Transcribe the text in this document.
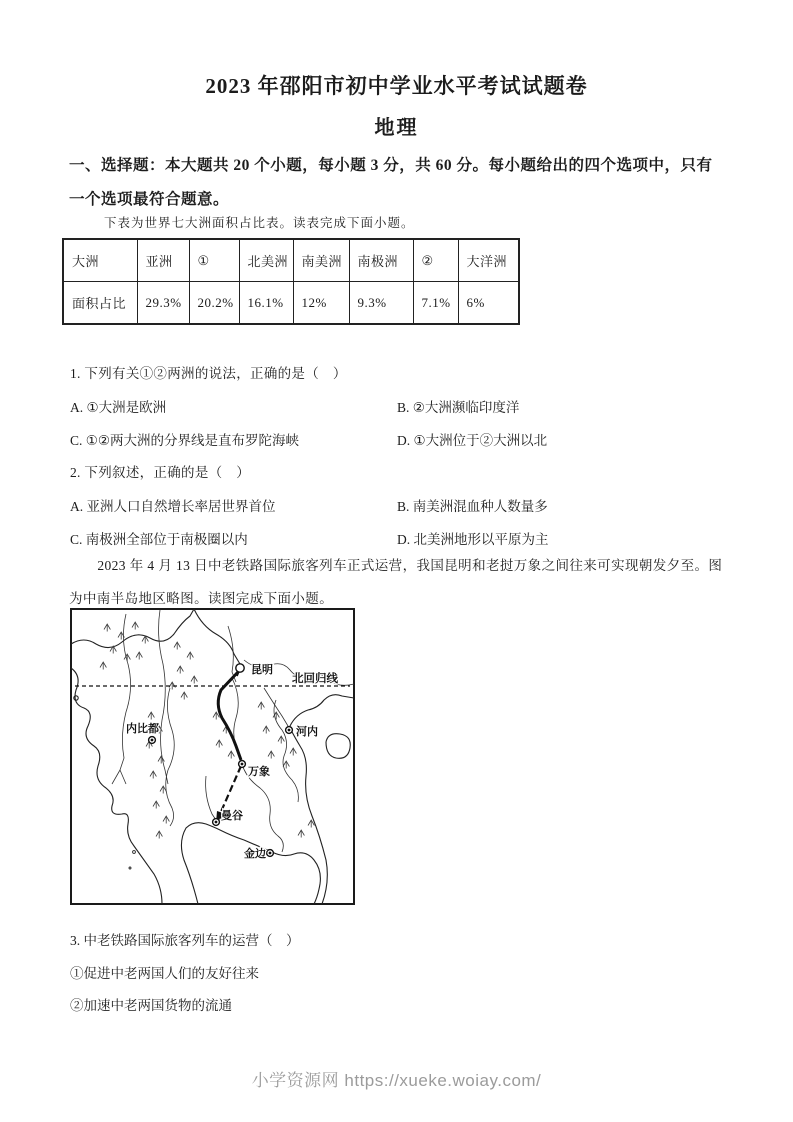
2023 年邵阳市初中学业水平考试试题卷
地理
一、选择题：本大题共 20 个小题，每小题 3 分，共 60 分。每小题给出的四个选项中，只有一个选项最符合题意。
下表为世界七大洲面积占比表。读表完成下面小题。
大洲	亚洲	①	北美洲	南美洲	南极洲	②	大洋洲
面积占比	29.3%	20.2%	16.1%	12%	9.3%	7.1%	6%
1. 下列有关①②两洲的说法，正确的是（　）
A. ①大洲是欧洲	B. ②大洲濒临印度洋
C. ①②两大洲的分界线是直布罗陀海峡	D. ①大洲位于②大洲以北
2. 下列叙述，正确的是（　）
A. 亚洲人口自然增长率居世界首位	B. 南美洲混血种人数量多
C. 南极洲全部位于南极圈以内	D. 北美洲地形以平原为主
2023 年 4 月 13 日中老铁路国际旅客列车正式运营，我国昆明和老挝万象之间往来可实现朝发夕至。图为中南半岛地区略图。读图完成下面小题。
北回归线
昆明
内比都	河内
万象
曼谷
金边
3. 中老铁路国际旅客列车的运营（　）
①促进中老两国人们的友好往来
②加速中老两国货物的流通
小学资源网 https://xueke.woiay.com/
